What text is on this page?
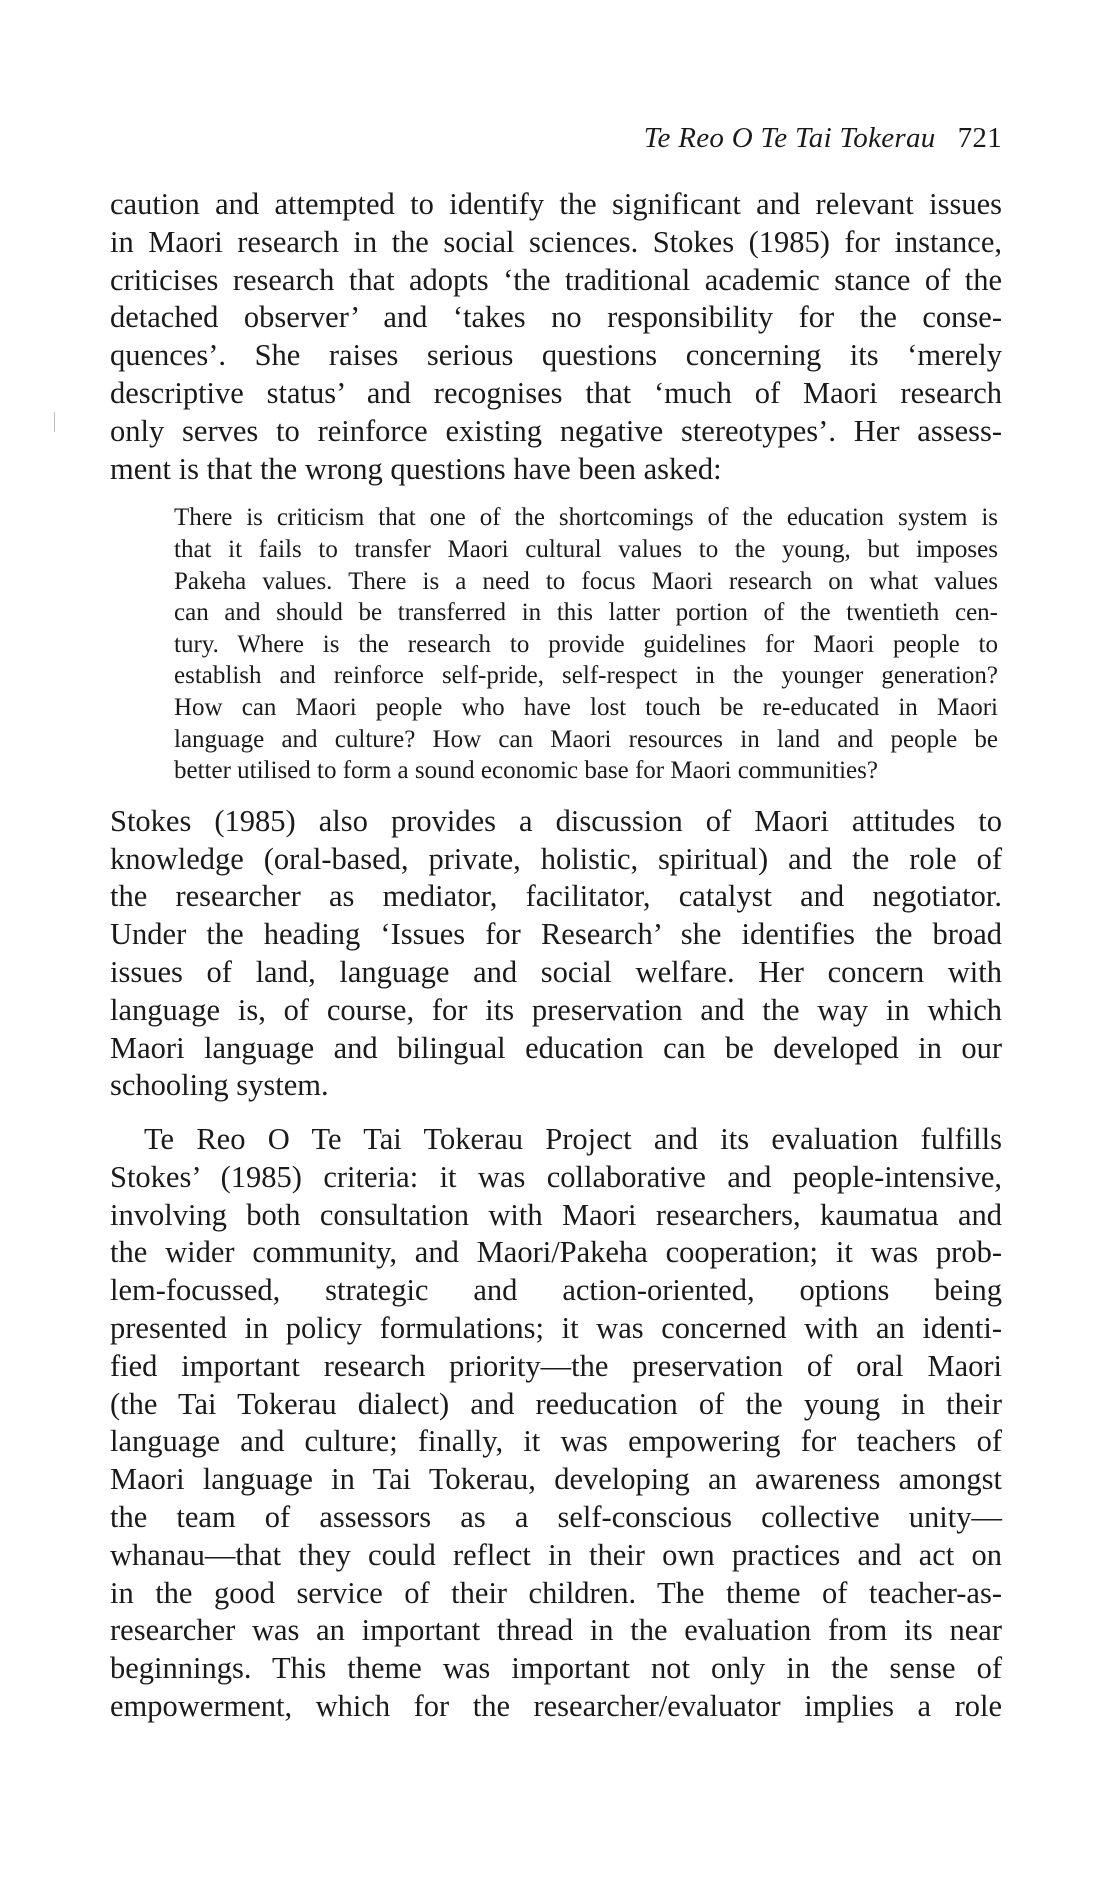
Te Reo O Te Tai Tokerau 721

caution and attempted to identify the significant and relevant issues
in Maori research in the social sciences. Stokes (1985) for instance,
criticises research that adopts ‘the traditional academic stance of the
detached observer’ and ‘takes no responsibility for the conse-
quences’. She raises serious questions concerning its ‘merely
descriptive status’ and recognises that ‘much of Maori research
only serves to reinforce existing negative stereotypes’. Her assess-
ment is that the wrong questions have been asked:

There is criticism that one of the shortcomings of the education system is
that it fails to transfer Maori cultural values to the young, but imposes
Pakeha values. There is a need to focus Maori research on what values
can and should be transferred in this latter portion of the twentieth cen-
tury. Where is the research to provide guidelines for Maori people to
establish and reinforce self-pride, self-respect in the younger generation?
How can Maori people who have lost touch be re-educated in Maori
language and culture? How can Maori resources in land and people be
better utilised to form a sound economic base for Maori communities?

Stokes (1985) also provides a discussion of Maori attitudes to
knowledge (oral-based, private, holistic, spiritual) and the role of
the researcher as mediator, facilitator, catalyst and negotiator.
Under the heading ‘Issues for Research’ she identifies the broad
issues of land, language and social welfare. Her concern with
language is, of course, for its preservation and the way in which
Maori language and bilingual education can be developed in our
schooling system.

Te Reo O Te Tai Tokerau Project and its evaluation fulfills
Stokes’ (1985) criteria: it was collaborative and people-intensive,
involving both consultation with Maori researchers, kaumatua and
the wider community, and Maori/Pakeha cooperation; it was prob-
lem-focussed, strategic and action-oriented, options being
presented in policy formulations; it was concerned with an identi-
fied important research priority—the preservation of oral Maori
(the Tai Tokerau dialect) and reeducation of the young in their
language and culture; finally, it was empowering for teachers of
Maori language in Tai Tokerau, developing an awareness amongst
the team of assessors as a self-conscious collective unity—
whanau—that they could reflect in their own practices and act on
in the good service of their children. The theme of teacher-as-
researcher was an important thread in the evaluation from its near
beginnings. This theme was important not only in the sense of
empowerment, which for the researcher/evaluator implies a role
